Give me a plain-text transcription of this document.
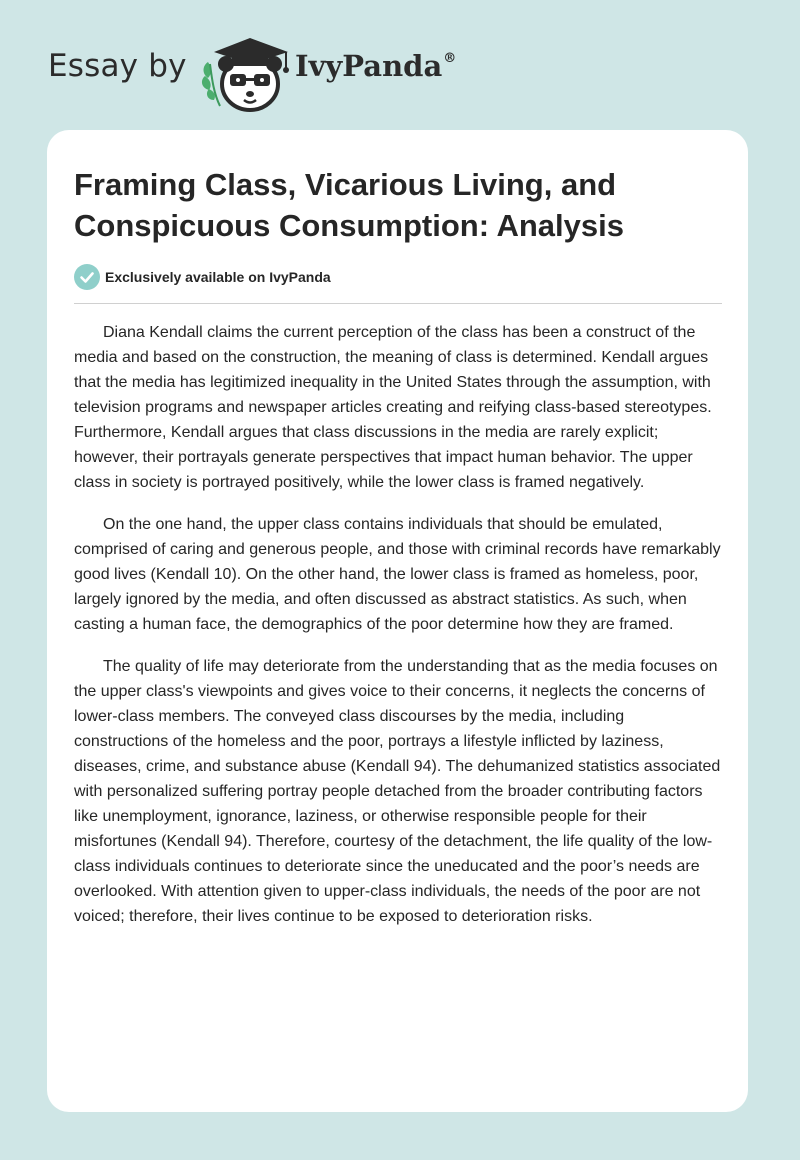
Essay by	IvyPanda®
Framing Class, Vicarious Living, and Conspicuous Consumption: Analysis
Exclusively available on IvyPanda

Diana Kendall claims the current perception of the class has been a construct of the media and based on the construction, the meaning of class is determined. Kendall argues that the media has legitimized inequality in the United States through the assumption, with television programs and newspaper articles creating and reifying class-based stereotypes. Furthermore, Kendall argues that class discussions in the media are rarely explicit; however, their portrayals generate perspectives that impact human behavior. The upper class in society is portrayed positively, while the lower class is framed negatively.

On the one hand, the upper class contains individuals that should be emulated, comprised of caring and generous people, and those with criminal records have remarkably good lives (Kendall 10). On the other hand, the lower class is framed as homeless, poor, largely ignored by the media, and often discussed as abstract statistics. As such, when casting a human face, the demographics of the poor determine how they are framed.

The quality of life may deteriorate from the understanding that as the media focuses on the upper class's viewpoints and gives voice to their concerns, it neglects the concerns of lower-class members. The conveyed class discourses by the media, including constructions of the homeless and the poor, portrays a lifestyle inflicted by laziness, diseases, crime, and substance abuse (Kendall 94). The dehumanized statistics associated with personalized suffering portray people detached from the broader contributing factors like unemployment, ignorance, laziness, or otherwise responsible people for their misfortunes (Kendall 94). Therefore, courtesy of the detachment, the life quality of the low-class individuals continues to deteriorate since the uneducated and the poor’s needs are overlooked. With attention given to upper-class individuals, the needs of the poor are not voiced; therefore, their lives continue to be exposed to deterioration risks.
